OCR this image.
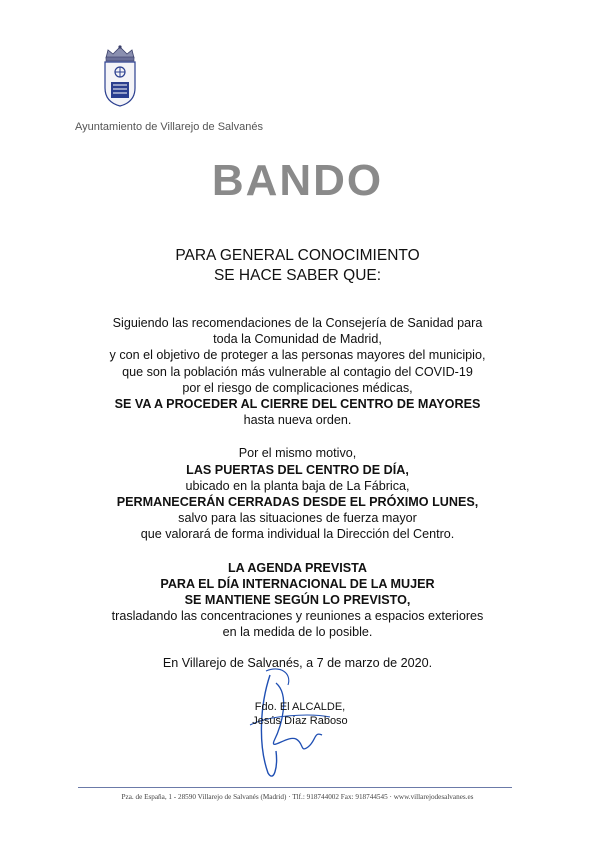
Ayuntamiento de Villarejo de Salvanés
BANDO
PARA GENERAL CONOCIMIENTO
SE HACE SABER QUE:
Siguiendo las recomendaciones de la Consejería de Sanidad para
toda la Comunidad de Madrid,
y con el objetivo de proteger a las personas mayores del municipio,
que son la población más vulnerable al contagio del COVID-19
por el riesgo de complicaciones médicas,
SE VA A PROCEDER AL CIERRE DEL CENTRO DE MAYORES
hasta nueva orden.
Por el mismo motivo,
LAS PUERTAS DEL CENTRO DE DÍA,
ubicado en la planta baja de La Fábrica,
PERMANECERÁN CERRADAS DESDE EL PRÓXIMO LUNES,
salvo para las situaciones de fuerza mayor
que valorará de forma individual la Dirección del Centro.
LA AGENDA PREVISTA
PARA EL DÍA INTERNACIONAL DE LA MUJER
SE MANTIENE SEGÚN LO PREVISTO,
trasladando las concentraciones y reuniones a espacios exteriores
en la medida de lo posible.
En Villarejo de Salvanés, a 7 de marzo de 2020.
Fdo. El ALCALDE,
Jesús Díaz Raboso
Pza. de España, 1 - 28590 Villarejo de Salvanés (Madrid) · Tlf.: 918744002 Fax: 918744545 · www.villarejodesalvanes.es
